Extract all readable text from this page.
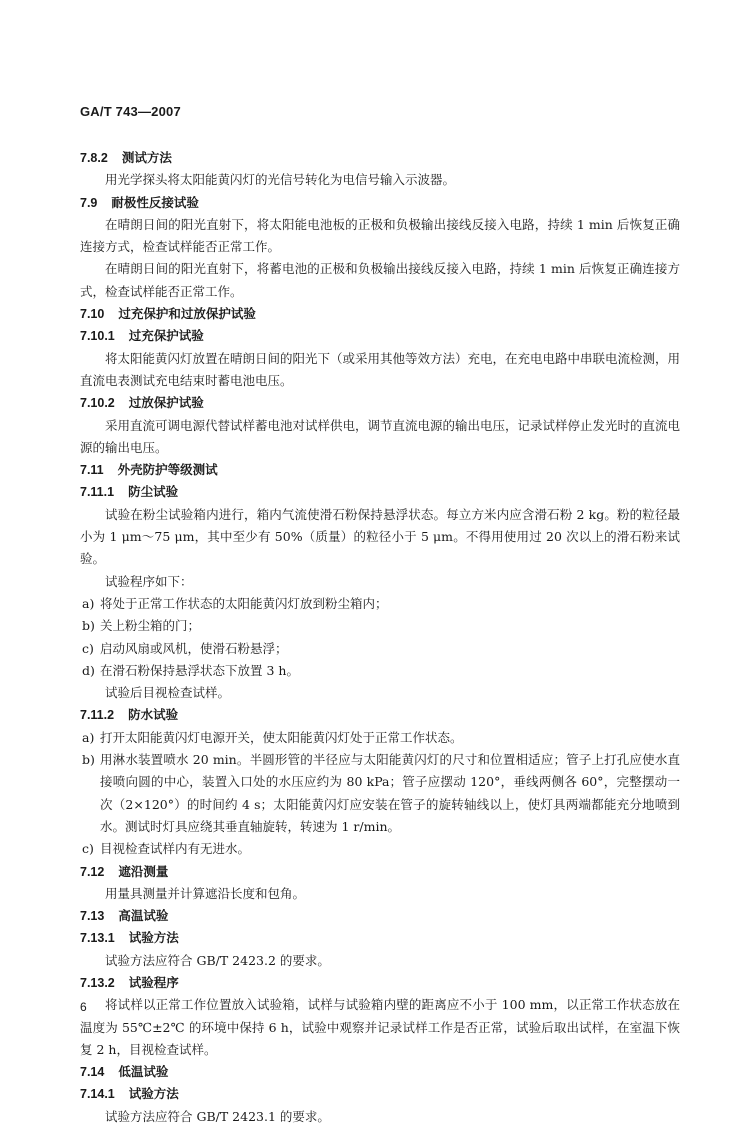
GA/T 743—2007
7.8.2 测试方法

用光学探头将太阳能黄闪灯的光信号转化为电信号输入示波器。

7.9 耐极性反接试验

在晴朗日间的阳光直射下，将太阳能电池板的正极和负极输出接线反接入电路，持续 1 min 后恢复正确连接方式，检查试样能否正常工作。

在晴朗日间的阳光直射下，将蓄电池的正极和负极输出接线反接入电路，持续 1 min 后恢复正确连接方式，检查试样能否正常工作。

7.10 过充保护和过放保护试验
7.10.1 过充保护试验

将太阳能黄闪灯放置在晴朗日间的阳光下（或采用其他等效方法）充电，在充电电路中串联电流检测，用直流电表测试充电结束时蓄电池电压。

7.10.2 过放保护试验

采用直流可调电源代替试样蓄电池对试样供电，调节直流电源的输出电压，记录试样停止发光时的直流电源的输出电压。

7.11 外壳防护等级测试
7.11.1 防尘试验

试验在粉尘试验箱内进行，箱内气流使滑石粉保持悬浮状态。每立方米内应含滑石粉 2 kg。粉的粒径最小为 1 μm～75 μm，其中至少有 50%（质量）的粒径小于 5 μm。不得用使用过 20 次以上的滑石粉来试验。

试验程序如下：

a) 将处于正常工作状态的太阳能黄闪灯放到粉尘箱内；

b) 关上粉尘箱的门；

c) 启动风扇或风机，使滑石粉悬浮；

d) 在滑石粉保持悬浮状态下放置 3 h。

试验后目视检查试样。

7.11.2 防水试验

a) 打开太阳能黄闪灯电源开关，使太阳能黄闪灯处于正常工作状态。

b) 用淋水装置喷水 20 min。半圆形管的半径应与太阳能黄闪灯的尺寸和位置相适应；管子上打孔应使水直接喷向圆的中心，装置入口处的水压应约为 80 kPa；管子应摆动 120°，垂线两侧各 60°，完整摆动一次（2×120°）的时间约 4 s；太阳能黄闪灯应安装在管子的旋转轴线以上，使灯具两端都能充分地喷到水。测试时灯具应绕其垂直轴旋转，转速为 1 r/min。

c) 目视检查试样内有无进水。

7.12 遮沿测量

用量具测量并计算遮沿长度和包角。

7.13 高温试验
7.13.1 试验方法

试验方法应符合 GB/T 2423.2 的要求。

7.13.2 试验程序

将试样以正常工作位置放入试验箱，试样与试验箱内壁的距离应不小于 100 mm，以正常工作状态放在温度为 55℃±2℃ 的环境中保持 6 h，试验中观察并记录试样工作是否正常，试验后取出试样，在室温下恢复 2 h，目视检查试样。

7.14 低温试验
7.14.1 试验方法

试验方法应符合 GB/T 2423.1 的要求。

6
